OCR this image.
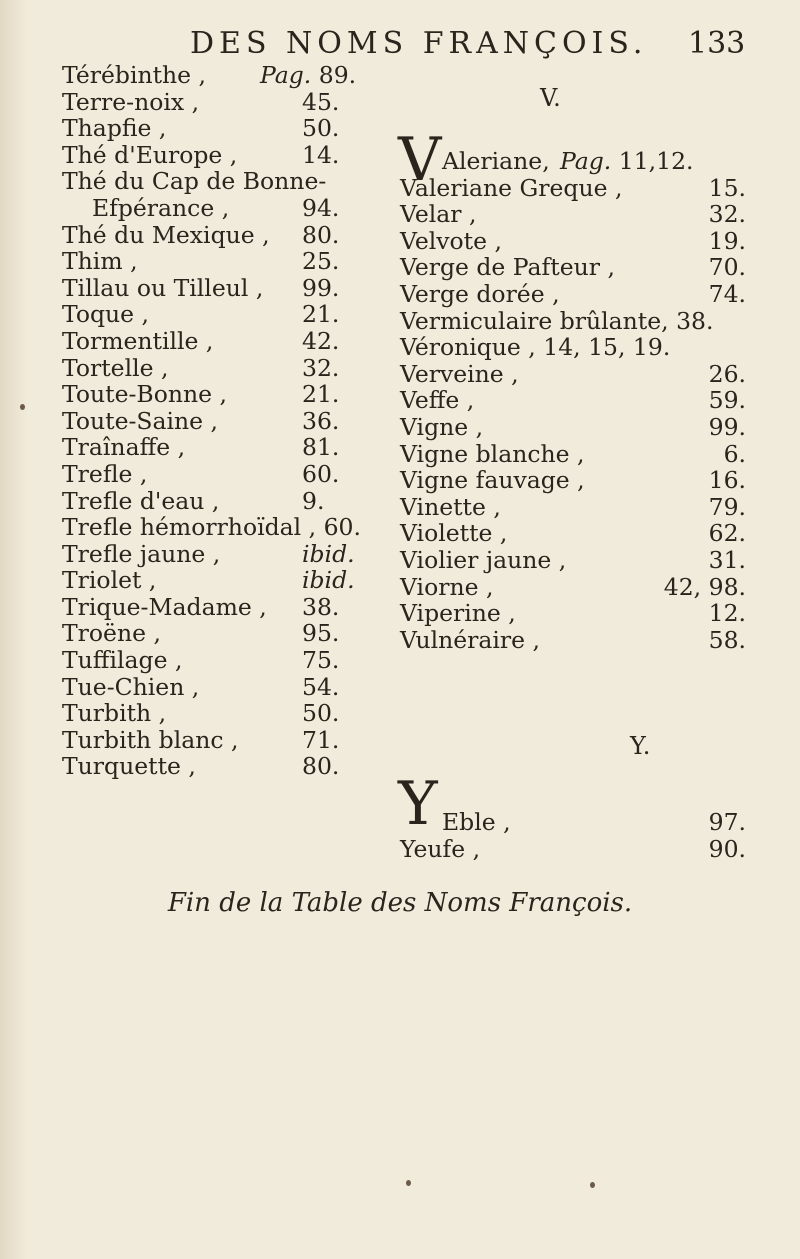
DES NOMS FRANÇOIS. 133
Térébinthe , Pag. 89.
Terre-noix ,	45.
Thapfie ,	50.
Thé d'Europe ,	14.
Thé du Cap de Bonne-
Efpérance ,	94.
Thé du Mexique , 80.
Thim ,	25.
Tillau ou Tilleul , 99.
Toque ,	21.
Tormentille ,	42.
Tortelle ,	32.
Toute-Bonne ,	21.
Toute-Saine ,	36.
Traînaffe ,	81.
Trefle ,	60.
Trefle d'eau ,	9.
Trefle hémorrhoïdal , 60.
Trefle jaune ,	ibid.
Triolet ,	ibid.
Trique-Madame , 38.
Troëne ,	95.
Tuffilage ,	75.
Tue-Chien ,	54.
Turbith ,	50.
Turbith blanc ,	71.
Turquette ,	80.
V.
V Aleriane, Pag. 11,12.
Valeriane Greque ,	15.
Velar ,	32.
Velvote ,	19.
Verge de Pafteur ,	70.
Verge dorée ,	74.
Vermiculaire brûlante, 38.
Véronique , 14, 15, 19.
Verveine ,	26.
Veffe ,	59.
Vigne ,	99.
Vigne blanche ,	6.
Vigne fauvage ,	16.
Vinette ,	79.
Violette ,	62.
Violier jaune ,	31.
Viorne ,	42, 98.
Viperine ,	12.
Vulnéraire ,	58.
Y.
Y Eble ,	97.
Yeufe ,	90.
Fin de la Table des Noms François.
